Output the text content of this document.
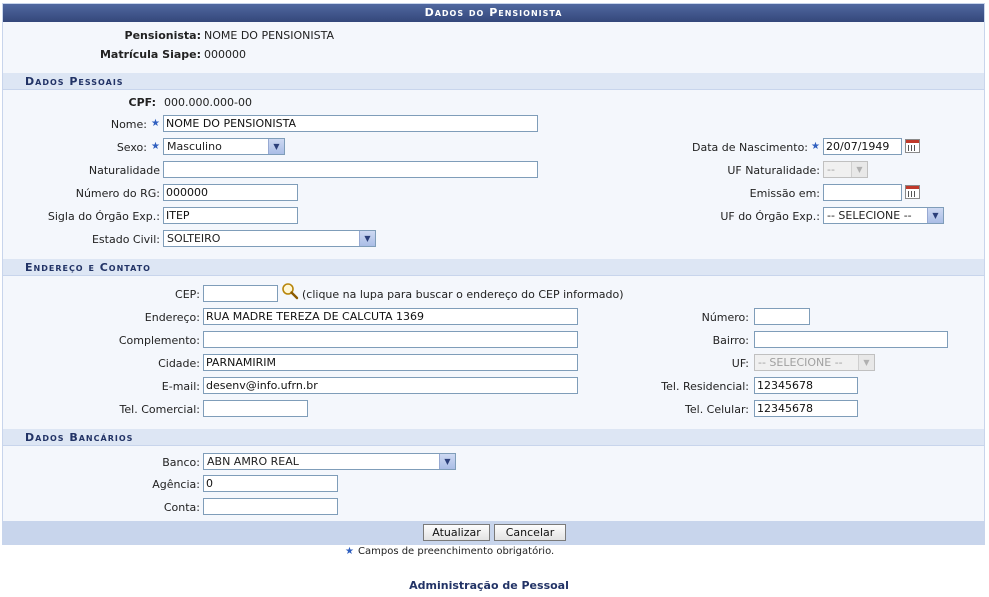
Dados do Pensionista
Pensionista: NOME DO PENSIONISTA
Matrícula Siape: 000000
Dados Pessoais
CPF: 000.000.000-00
Nome: ★ NOME DO PENSIONISTA
Sexo: ★ Masculino	▼	Data de Nascimento: ★ 20/07/1949
Naturalidade	UF Naturalidade: --	▼
Número do RG: 000000	Emissão em:
Sigla do Órgão Exp.: ITEP	UF do Órgão Exp.: -- SELECIONE --	▼
Estado Civil: SOLTEIRO	▼
Endereço e Contato
CEP:	(clique na lupa para buscar o endereço do CEP informado)
Endereço: RUA MADRE TEREZA DE CALCUTA 1369	Número:
Complemento:	Bairro:
Cidade: PARNAMIRIM	UF: -- SELECIONE --	▼
E-mail: desenv@info.ufrn.br	Tel. Residencial: 12345678
Tel. Comercial:	Tel. Celular: 12345678
Dados Bancários
Banco: ABN AMRO REAL	▼
Agência: 0
Conta:
Atualizar	Cancelar
★ Campos de preenchimento obrigatório.
Administração de Pessoal
